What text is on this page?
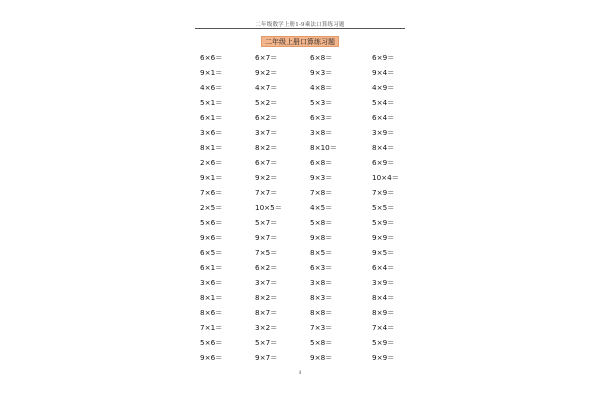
二年级数学上册1-9乘法口算练习题
二年级上册口算练习题
6×6＝	6×7＝	6×8＝	6×9＝
9×1＝	9×2＝	9×3＝	9×4＝
4×6＝	4×7＝	4×8＝	4×9＝
5×1＝	5×2＝	5×3＝	5×4＝
6×1＝	6×2＝	6×3＝	6×4＝
3×6＝	3×7＝	3×8＝	3×9＝
8×1＝	8×2＝	8×10＝	8×4＝
2×6＝	6×7＝	6×8＝	6×9＝
9×1＝	9×2＝	9×3＝	10×4＝
7×6＝	7×7＝	7×8＝	7×9＝
2×5＝	10×5＝	4×5＝	5×5＝
5×6＝	5×7＝	5×8＝	5×9＝
9×6＝	9×7＝	9×8＝	9×9＝
6×5＝	7×5＝	8×5＝	9×5＝
6×1＝	6×2＝	6×3＝	6×4＝
3×6＝	3×7＝	3×8＝	3×9＝
8×1＝	8×2＝	8×3＝	8×4＝
8×6＝	8×7＝	8×8＝	8×9＝
7×1＝	3×2＝	7×3＝	7×4＝
5×6＝	5×7＝	5×8＝	5×9＝
9×6＝	9×7＝	9×8＝	9×9＝
4
